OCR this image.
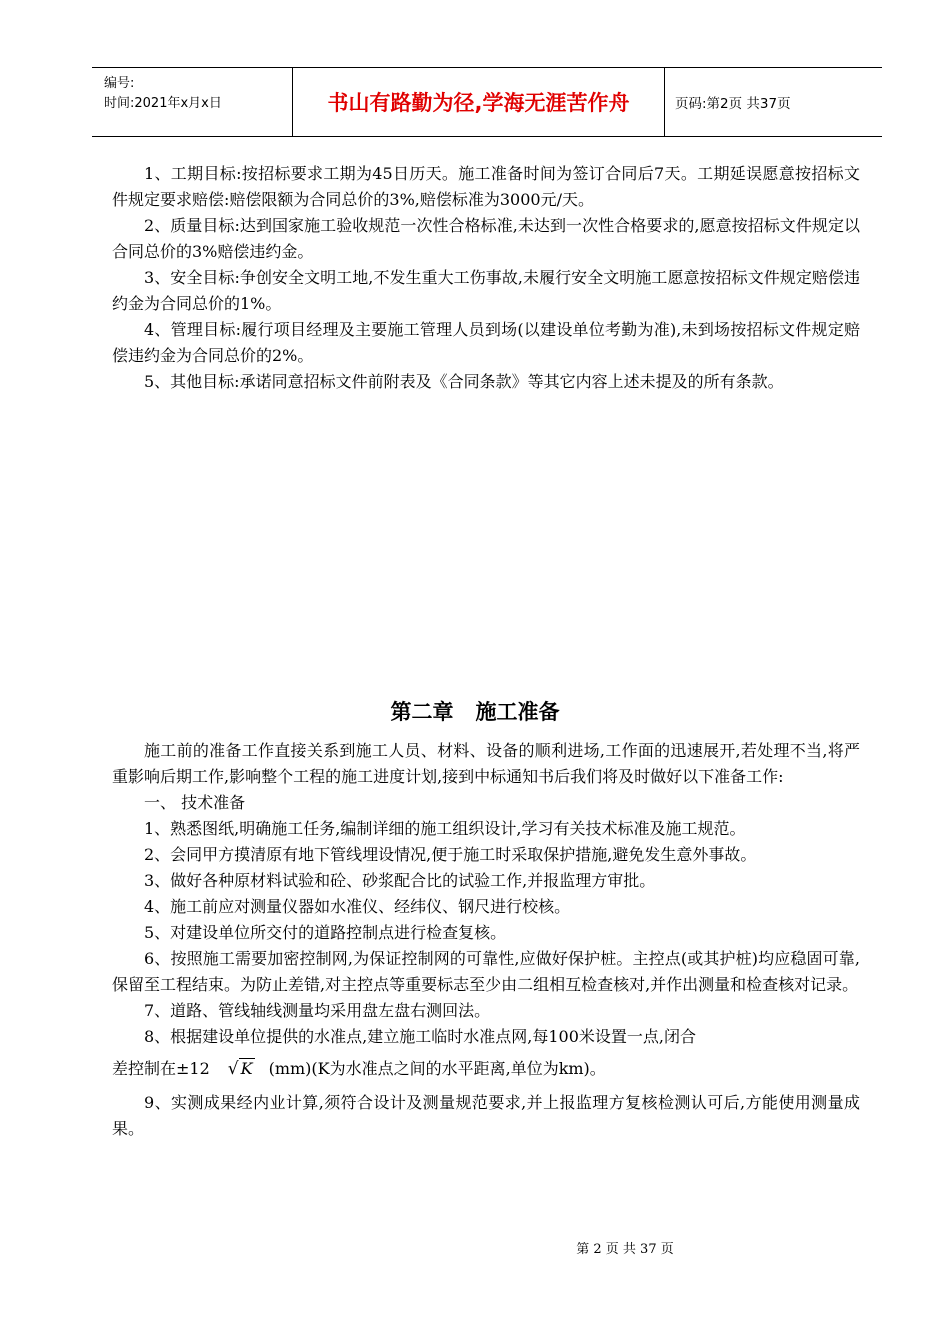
编号:
时间:2021年x月x日	书山有路勤为径,学海无涯苦作舟	页码:第2页 共37页

1、工期目标:按招标要求工期为45日历天。施工准备时间为签订合同后7天。工期延误愿意按招标文件规定要求赔偿:赔偿限额为合同总价的3%,赔偿标准为3000元/天。

2、质量目标:达到国家施工验收规范一次性合格标准,未达到一次性合格要求的,愿意按招标文件规定以合同总价的3%赔偿违约金。

3、安全目标:争创安全文明工地,不发生重大工伤事故,未履行安全文明施工愿意按招标文件规定赔偿违约金为合同总价的1%。

4、管理目标:履行项目经理及主要施工管理人员到场(以建设单位考勤为准),未到场按招标文件规定赔偿违约金为合同总价的2%。

5、其他目标:承诺同意招标文件前附表及《合同条款》等其它内容上述未提及的所有条款。

第二章 施工准备

施工前的准备工作直接关系到施工人员、材料、设备的顺利进场,工作面的迅速展开,若处理不当,将严重影响后期工作,影响整个工程的施工进度计划,接到中标通知书后我们将及时做好以下准备工作:

一、 技术准备

1、熟悉图纸,明确施工任务,编制详细的施工组织设计,学习有关技术标准及施工规范。

2、会同甲方摸清原有地下管线埋设情况,便于施工时采取保护措施,避免发生意外事故。

3、做好各种原材料试验和砼、砂浆配合比的试验工作,并报监理方审批。

4、施工前应对测量仪器如水准仪、经纬仪、钢尺进行校核。

5、对建设单位所交付的道路控制点进行检查复核。

6、按照施工需要加密控制网,为保证控制网的可靠性,应做好保护桩。主控点(或其护桩)均应稳固可靠,保留至工程结束。为防止差错,对主控点等重要标志至少由二组相互检查核对,并作出测量和检查核对记录。

7、道路、管线轴线测量均采用盘左盘右测回法。

8、根据建设单位提供的水准点,建立施工临时水准点网,每100米设置一点,闭合

差控制在±12 √ K (mm)(K为水准点之间的水平距离,单位为km)。

9、实测成果经内业计算,须符合设计及测量规范要求,并上报监理方复核检测认可后,方能使用测量成果。

第 2 页 共 37 页
